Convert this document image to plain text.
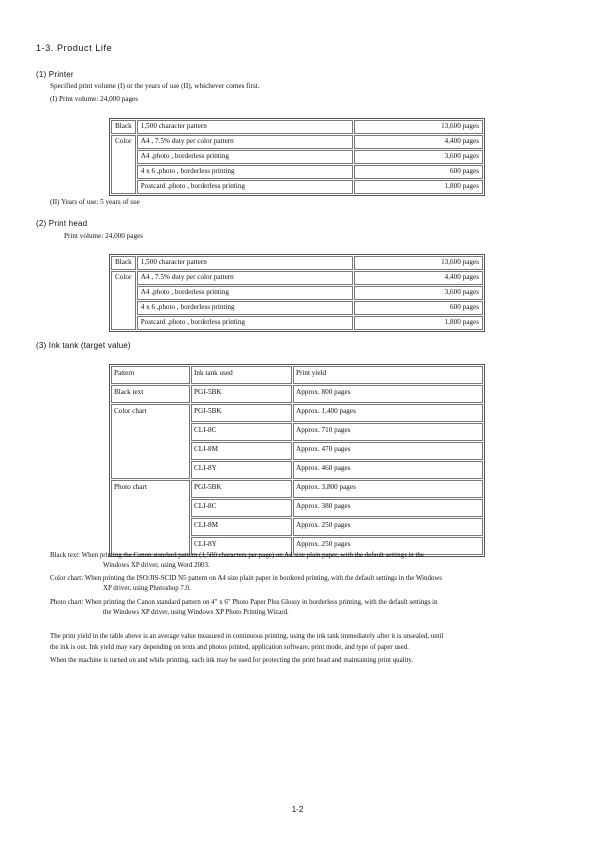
1-3. Product Life
(1) Printer
Specified print volume (I) or the years of use (II), whichever comes first.
(I) Print volume: 24,000 pages
Black	1,500 character pattern	13,600 pages
Color	A4 , 7.5% duty per color pattern	4,400 pages
	A4 ,photo , borderless printing	3,600 pages
	4 x 6 ,photo , borderless printing	600 pages
	Postcard ,photo , borderless printing	1,800 pages
(II) Years of use: 5 years of use
(2) Print head
Print volume: 24,000 pages
Black	1,500 character pattern	13,600 pages
Color	A4 , 7.5% duty per color pattern	4,400 pages
	A4 ,photo , borderless printing	3,600 pages
	4 x 6 ,photo , borderless printing	600 pages
	Postcard ,photo , borderless printing	1,800 pages
(3) Ink tank (target value)
Pattern	Ink tank used	Print yield
Black text	PGI-5BK	Approx. 800 pages
Color chart	PGI-5BK	Approx. 1,400 pages
	CLI-8C	Approx. 710 pages
	CLI-8M	Approx. 470 pages
	CLI-8Y	Approx. 460 pages
Photo chart	PGI-5BK	Approx. 3,800 pages
	CLI-8C	Approx. 380 pages
	CLI-8M	Approx. 250 pages
	CLI-8Y	Approx. 250 pages
Black text: When printing the Canon standard pattern (1,500 characters per page) on A4 size plain paper, with the default settings in the
Windows XP driver, using Word 2003.
Color chart: When printing the ISO/JIS-SCID N5 pattern on A4 size plain paper in bordered printing, with the default settings in the Windows
XP driver, using Photoshop 7.0.
Photo chart: When printing the Canon standard pattern on 4" x 6" Photo Paper Plus Glossy in borderless printing, with the default settings in
the Windows XP driver, using Windows XP Photo Printing Wizard.
The print yield in the table above is an average value measured in continuous printing, using the ink tank immediately after it is unsealed, until
the ink is out. Ink yield may vary depending on texts and photos printed, application software, print mode, and type of paper used.
When the machine is turned on and while printing, each ink may be used for protecting the print head and maintaining print quality.
1-2
